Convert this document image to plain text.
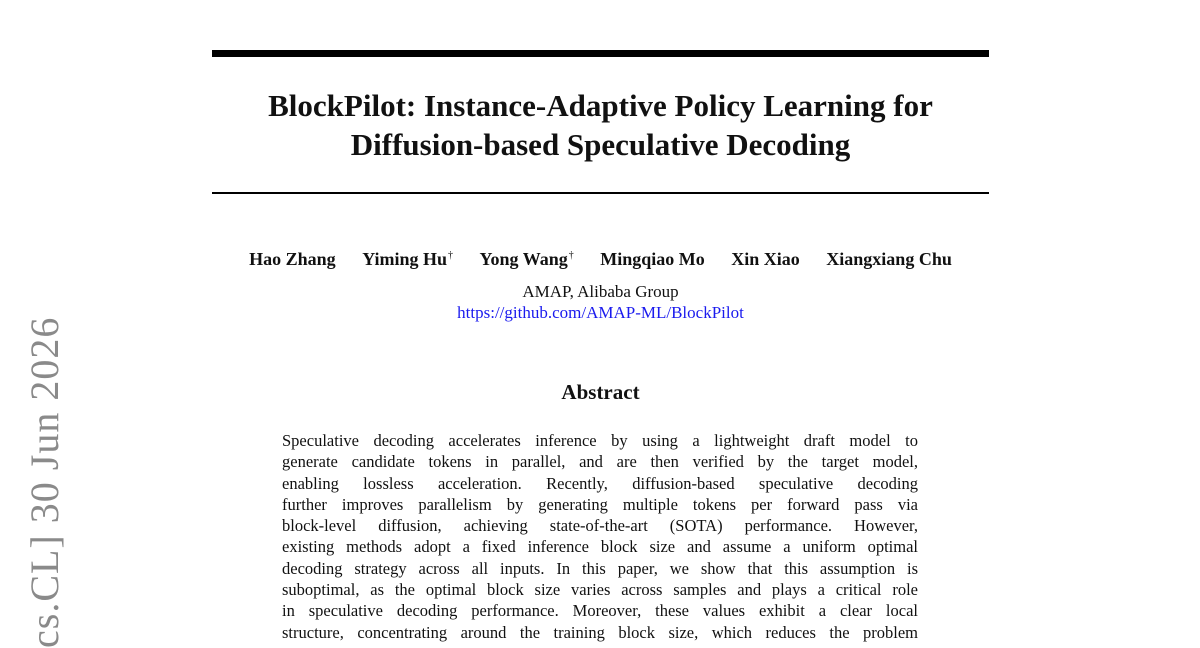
BlockPilot: Instance-Adaptive Policy Learning for
Diffusion-based Speculative Decoding
Hao Zhang Yiming Hu† Yong Wang† Mingqiao Mo Xin Xiao Xiangxiang Chu
AMAP, Alibaba Group
https://github.com/AMAP-ML/BlockPilot
Abstract
Speculative decoding accelerates inference by using a lightweight draft model to
generate candidate tokens in parallel, and are then verified by the target model,
enabling lossless acceleration. Recently, diffusion-based speculative decoding
further improves parallelism by generating multiple tokens per forward pass via
block-level diffusion, achieving state-of-the-art (SOTA) performance. However,
existing methods adopt a fixed inference block size and assume a uniform optimal
decoding strategy across all inputs. In this paper, we show that this assumption is
suboptimal, as the optimal block size varies across samples and plays a critical role
in speculative decoding performance. Moreover, these values exhibit a clear local
structure, concentrating around the training block size, which reduces the problem
cs.CL] 30 Jun 2026
